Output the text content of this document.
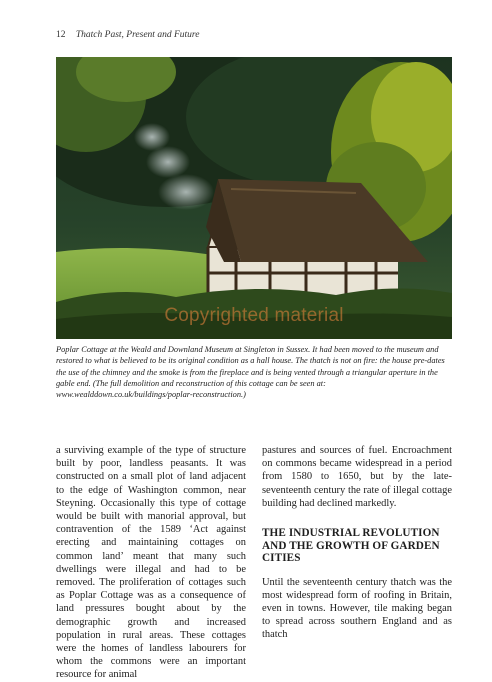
12 Thatch Past, Present and Future
Copyrighted material

Poplar Cottage at the Weald and Downland Museum at Singleton in Sussex. It had been moved to the museum and restored to what is believed to be its original condition as a hall house. The thatch is not on fire: the house pre-dates the use of the chimney and the smoke is from the fireplace and is being vented through a triangular aperture in the gable end. (The full demolition and reconstruction of this cottage can be seen at: www.wealddown.co.uk/buildings/poplar-reconstruction.)

a surviving example of the type of structure built by poor, landless peasants. It was constructed on a small plot of land adjacent to the edge of Washington common, near Steyning. Occasionally this type of cottage would be built with manorial approval, but contravention of the 1589 ‘Act against erecting and maintaining cottages on common land’ meant that many such dwellings were illegal and had to be removed. The proliferation of cottages such as Poplar Cottage was as a consequence of land pressures bought about by the demographic growth and increased population in rural areas. These cottages were the homes of landless labourers for whom the commons were an important resource for animal

pastures and sources of fuel. Encroachment on commons became widespread in a period from 1580 to 1650, but by the late-seventeenth century the rate of illegal cottage building had declined markedly.

THE INDUSTRIAL REVOLUTION AND THE GROWTH OF GARDEN CITIES

Until the seventeenth century thatch was the most widespread form of roofing in Britain, even in towns. However, tile making began to spread across southern England and as thatch
